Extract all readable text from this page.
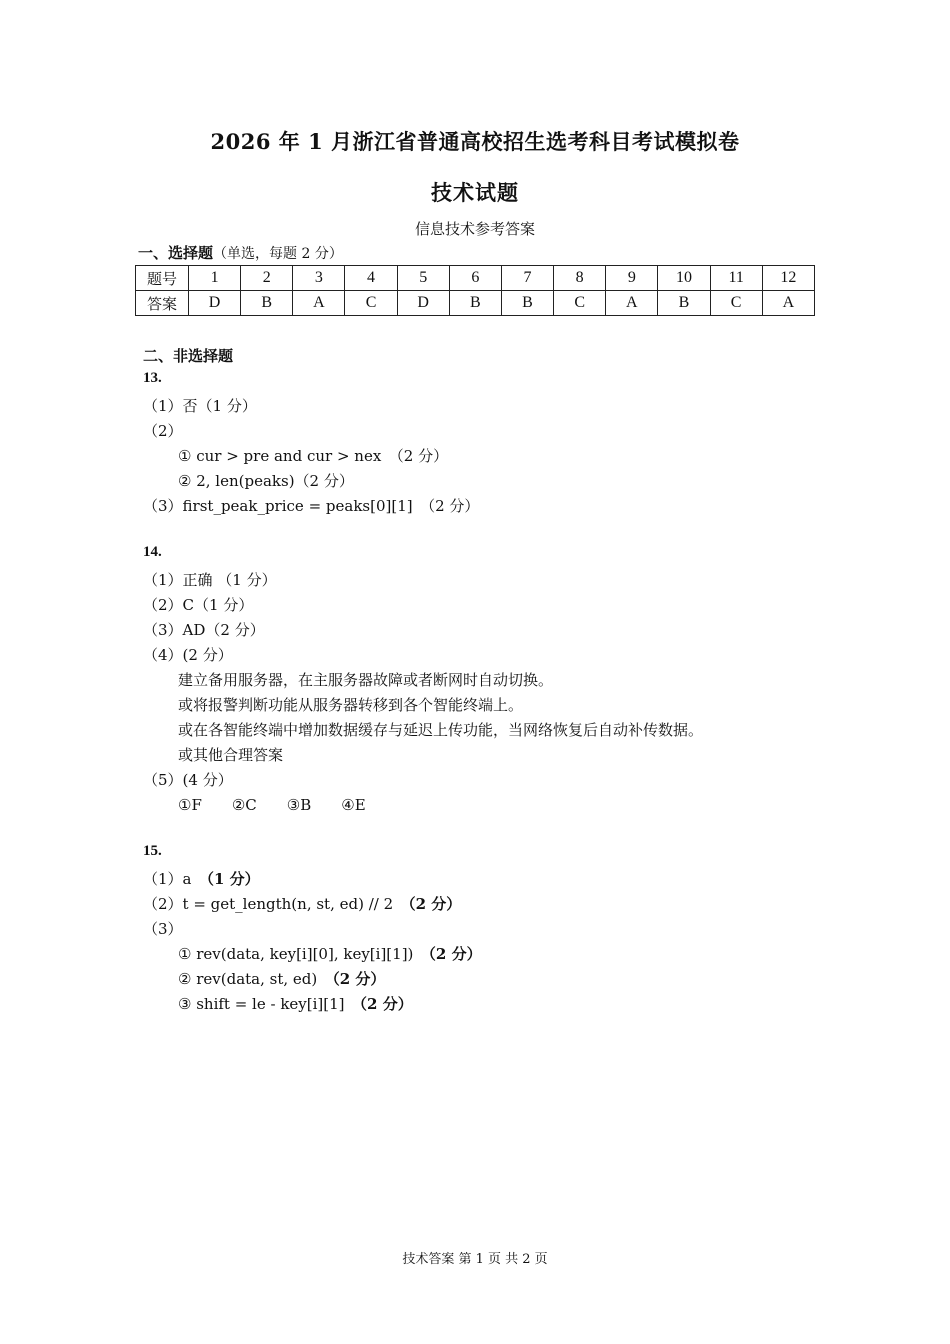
2026 年 1 月浙江省普通高校招生选考科目考试模拟卷
技术试题
信息技术参考答案
一、选择题（单选，每题 2 分）
题号	1	2	3	4	5	6	7	8	9	10	11	12
答案	D	B	A	C	D	B	B	C	A	B	C	A
二、非选择题
13.
（1）否（1 分）
（2）
① cur > pre and cur > nex　（2 分）
② 2, len(peaks)（2 分）
（3）first_peak_price = peaks[0][1]　（2 分）
14.
（1）正确 （1 分）
（2）C（1 分）
（3）AD（2 分）
（4）(2 分）
建立备用服务器，在主服务器故障或者断网时自动切换。
或将报警判断功能从服务器转移到各个智能终端上。
或在各智能终端中增加数据缓存与延迟上传功能，当网络恢复后自动补传数据。
或其他合理答案
（5）(4 分）
①F　　②C　　③B　　④E
15.
（1）a　（1 分）
（2）t = get_length(n, st, ed) // 2　（2 分）
（3）
① rev(data, key[i][0], key[i][1])　（2 分）
② rev(data, st, ed)　（2 分）
③ shift = le - key[i][1]　（2 分）
技术答案 第 1 页 共 2 页
